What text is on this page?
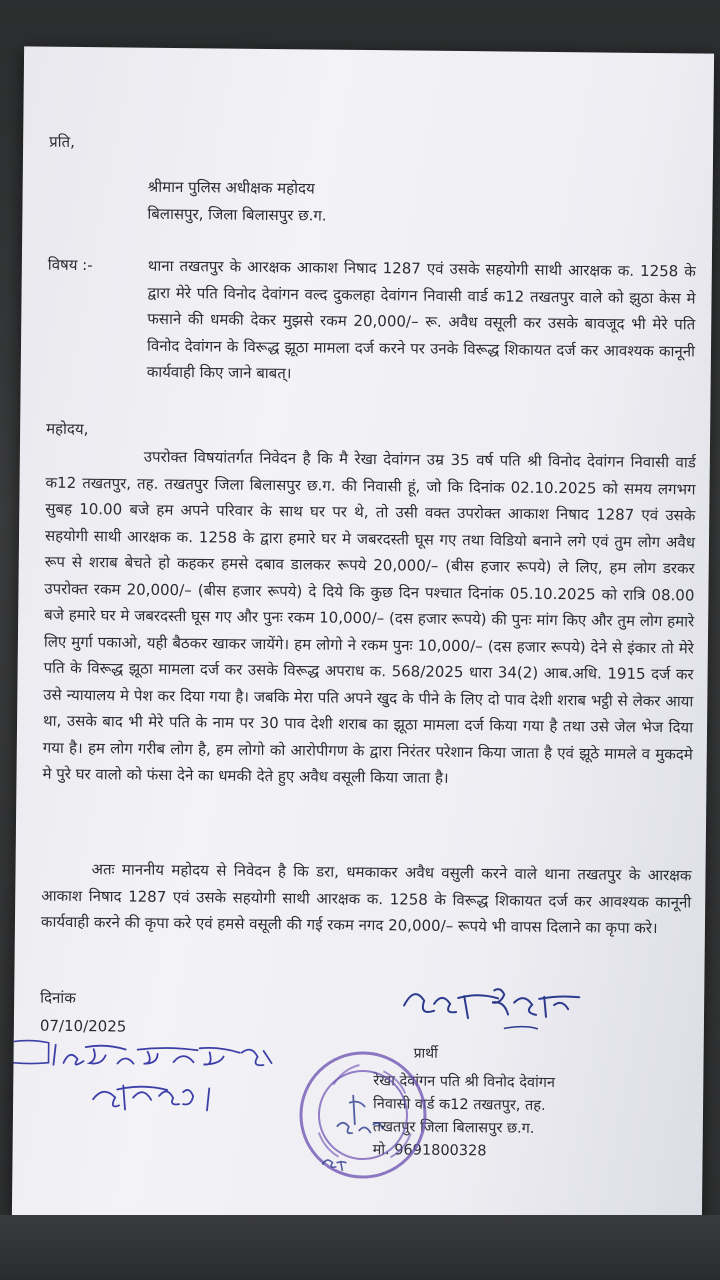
प्रति,
श्रीमान पुलिस अधीक्षक महोदय
बिलासपुर, जिला बिलासपुर छ.ग.
विषय :-	थाना तखतपुर के आरक्षक आकाश निषाद 1287 एवं उसके सहयोगी साथी आरक्षक क. 1258 के द्वारा मेरे पति विनोद देवांगन वल्द दुकलहा देवांगन निवासी वार्ड क12 तखतपुर वाले को झुठा केस मे फसाने की धमकी देकर मुझसे रकम 20,000/– रू. अवैध वसूली कर उसके बावजूद भी मेरे पति विनोद देवांगन के विरूद्ध झूठा मामला दर्ज करने पर उनके विरूद्ध शिकायत दर्ज कर आवश्यक कानूनी कार्यवाही किए जाने बाबत्।
महोदय,
उपरोक्त विषयांतर्गत निवेदन है कि मै रेखा देवांगन उम्र 35 वर्ष पति श्री विनोद देवांगन निवासी वार्ड क12 तखतपुर, तह. तखतपुर जिला बिलासपुर छ.ग. की निवासी हूं, जो कि दिनांक 02.10.2025 को समय लगभग सुबह 10.00 बजे हम अपने परिवार के साथ घर पर थे, तो उसी वक्त उपरोक्त आकाश निषाद 1287 एवं उसके सहयोगी साथी आरक्षक क. 1258 के द्वारा हमारे घर मे जबरदस्ती घूस गए तथा विडियो बनाने लगे एवं तुम लोग अवैध रूप से शराब बेचते हो कहकर हमसे दबाव डालकर रूपये 20,000/– (बीस हजार रूपये) ले लिए, हम लोग डरकर उपरोक्त रकम 20,000/– (बीस हजार रूपये) दे दिये कि कुछ दिन पश्चात दिनांक 05.10.2025 को रात्रि 08.00 बजे हमारे घर मे जबरदस्ती घूस गए और पुनः रकम 10,000/– (दस हजार रूपये) की पुनः मांग किए और तुम लोग हमारे लिए मुर्गा पकाओ, यही बैठकर खाकर जायेंगे। हम लोगो ने रकम पुनः 10,000/– (दस हजार रूपये) देने से इंकार तो मेरे पति के विरूद्ध झूठा मामला दर्ज कर उसके विरूद्ध अपराध क. 568/2025 धारा 34(2) आब.अधि. 1915 दर्ज कर उसे न्यायालय मे पेश कर दिया गया है। जबकि मेरा पति अपने खुद के पीने के लिए दो पाव देशी शराब भट्ठी से लेकर आया था, उसके बाद भी मेरे पति के नाम पर 30 पाव देशी शराब का झूठा मामला दर्ज किया गया है तथा उसे जेल भेज दिया गया है। हम लोग गरीब लोग है, हम लोगो को आरोपीगण के द्वारा निरंतर परेशान किया जाता है एवं झूठे मामले व मुकदमे मे पुरे घर वालो को फंसा देने का धमकी देते हुए अवैध वसूली किया जाता है।
अतः माननीय महोदय से निवेदन है कि डरा, धमकाकर अवैध वसुली करने वाले थाना तखतपुर के आरक्षक आकाश निषाद 1287 एवं उसके सहयोगी साथी आरक्षक क. 1258 के विरूद्ध शिकायत दर्ज कर आवश्यक कानूनी कार्यवाही करने की कृपा करे एवं हमसे वसूली की गई रकम नगद 20,000/– रूपये भी वापस दिलाने का कृपा करे।
दिनांक
07/10/2025
प्रार्थी
रेखा देवांगन पति श्री विनोद देवांगन
निवासी वार्ड क12 तखतपुर, तह.
तखतपुर जिला बिलासपुर छ.ग.
मो. 9691800328
